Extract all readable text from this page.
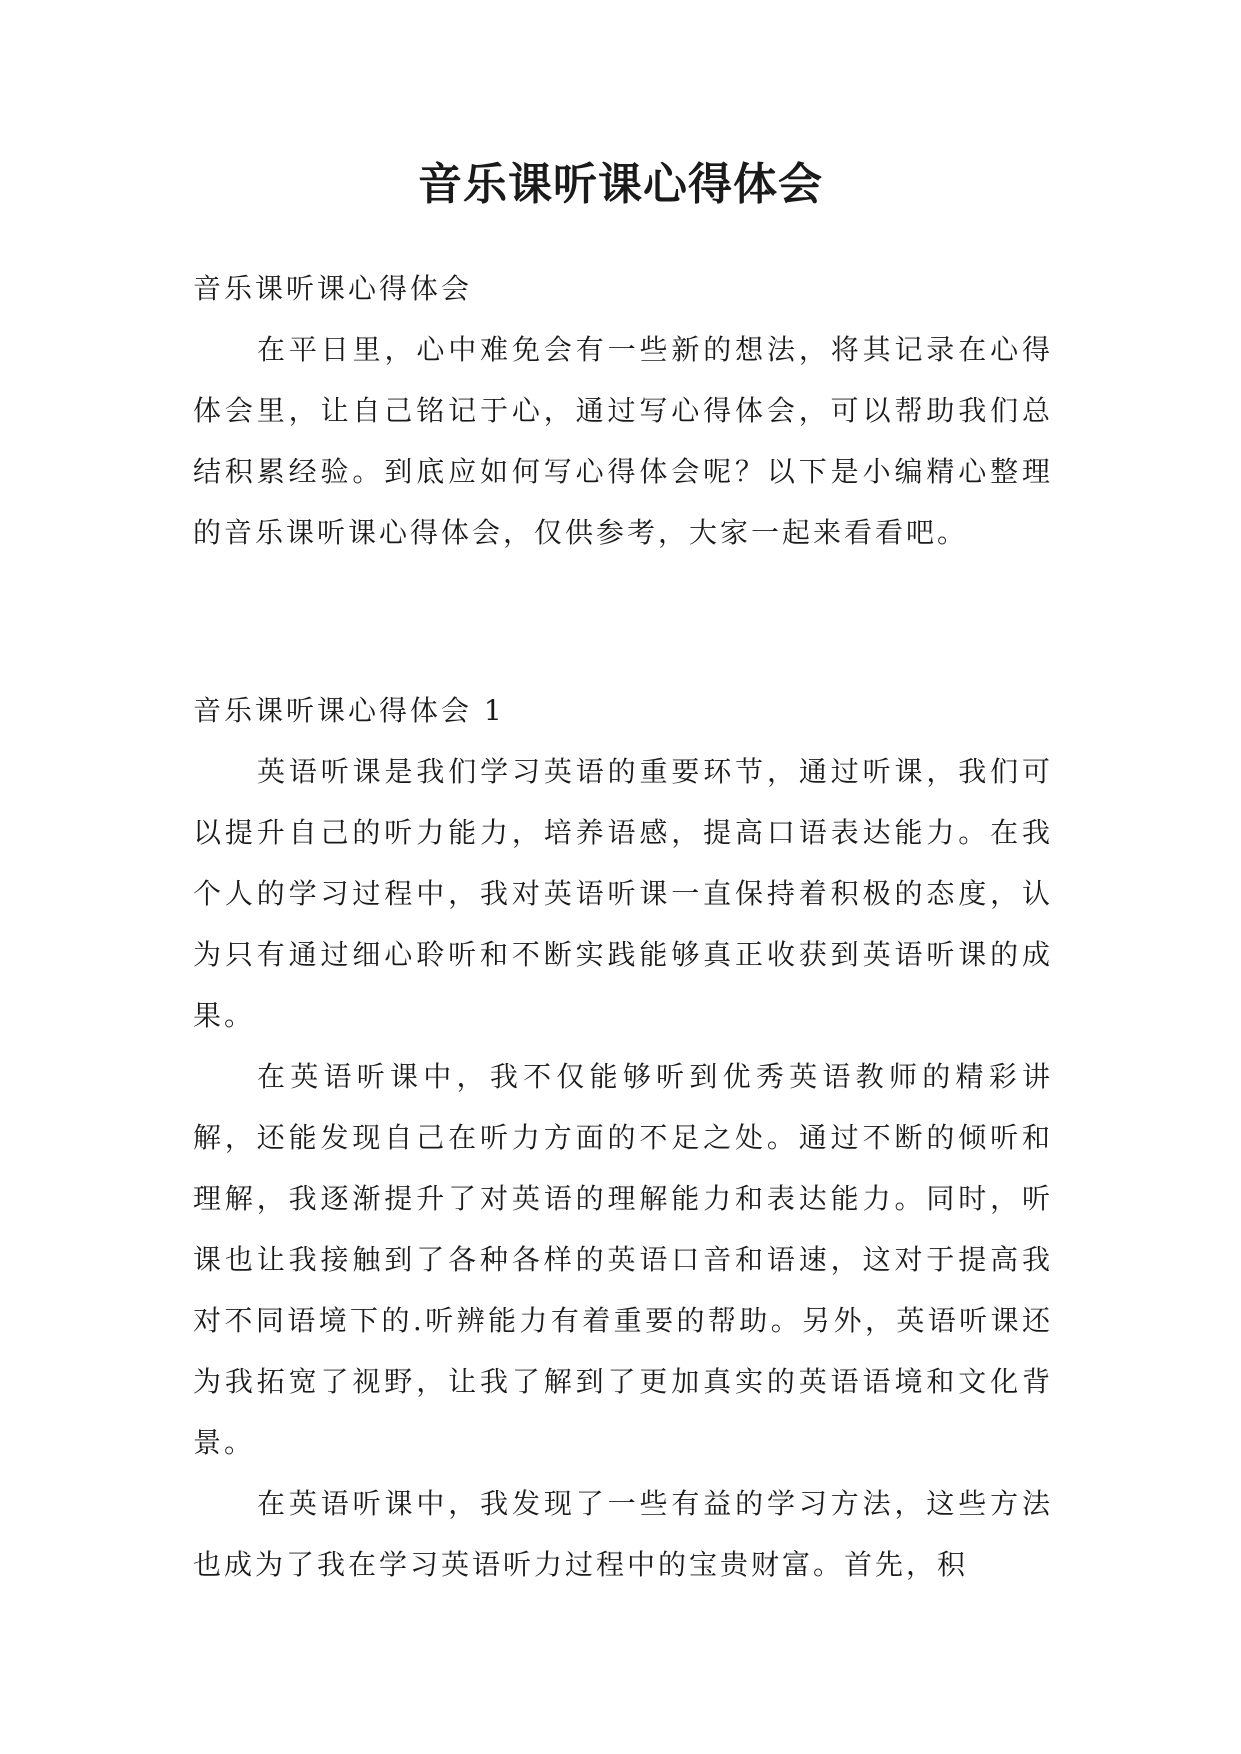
音乐课听课心得体会

音乐课听课心得体会

在平日里，心中难免会有一些新的想法，将其记录在心得体会里，让自己铭记于心，通过写心得体会，可以帮助我们总结积累经验。到底应如何写心得体会呢？以下是小编精心整理的音乐课听课心得体会，仅供参考，大家一起来看看吧。

音乐课听课心得体会 1

英语听课是我们学习英语的重要环节，通过听课，我们可以提升自己的听力能力，培养语感，提高口语表达能力。在我个人的学习过程中，我对英语听课一直保持着积极的态度，认为只有通过细心聆听和不断实践能够真正收获到英语听课的成果。

在英语听课中，我不仅能够听到优秀英语教师的精彩讲解，还能发现自己在听力方面的不足之处。通过不断的倾听和理解，我逐渐提升了对英语的理解能力和表达能力。同时，听课也让我接触到了各种各样的英语口音和语速，这对于提高我对不同语境下的.听辨能力有着重要的帮助。另外，英语听课还为我拓宽了视野，让我了解到了更加真实的英语语境和文化背景。

在英语听课中，我发现了一些有益的学习方法，这些方法也成为了我在学习英语听力过程中的宝贵财富。首先，积
